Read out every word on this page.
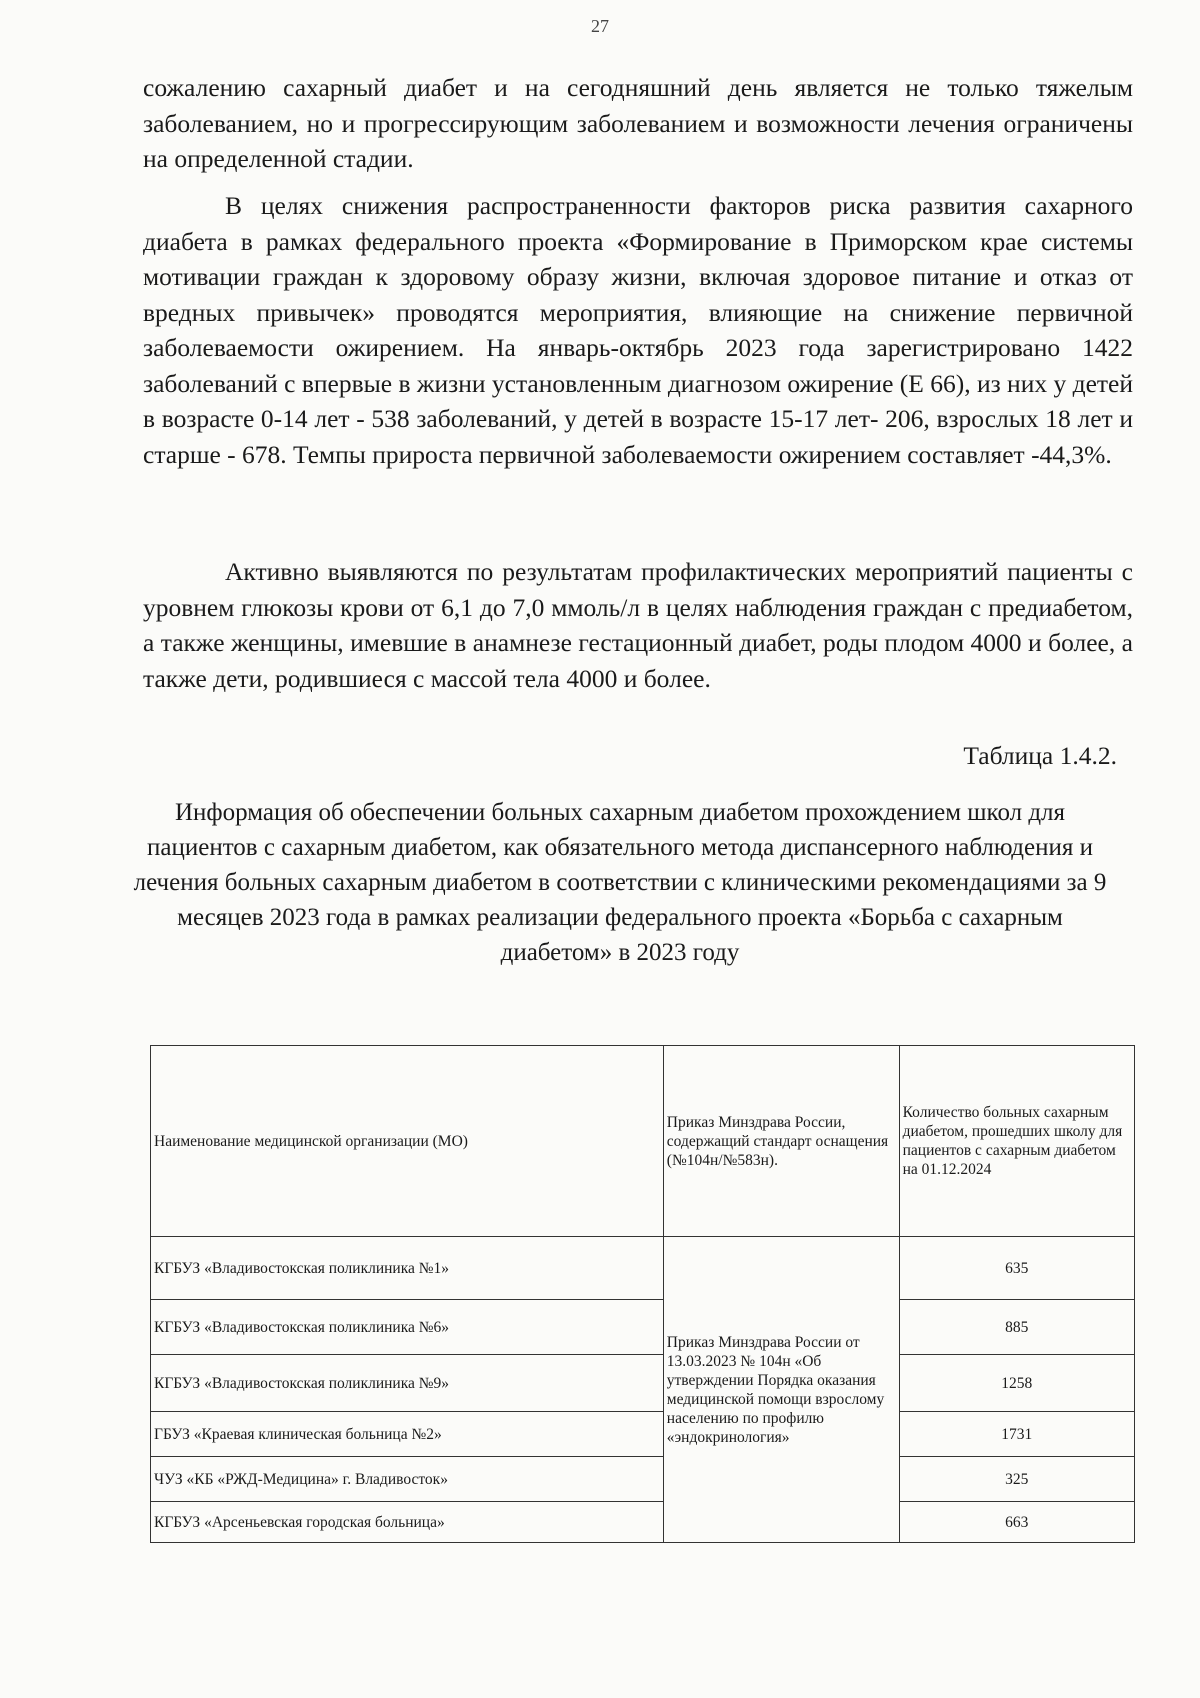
27

сожалению сахарный диабет и на сегодняшний день является не только тяжелым заболеванием, но и прогрессирующим заболеванием и возможности лечения ограничены на определенной стадии.

В целях снижения распространенности факторов риска развития сахарного диабета в рамках федерального проекта «Формирование в Приморском крае системы мотивации граждан к здоровому образу жизни, включая здоровое питание и отказ от вредных привычек» проводятся мероприятия, влияющие на снижение первичной заболеваемости ожирением. На январь-октябрь 2023 года зарегистрировано 1422 заболеваний с впервые в жизни установленным диагнозом ожирение (Е 66), из них у детей в возрасте 0-14 лет - 538 заболеваний, у детей в возрасте 15-17 лет- 206, взрослых 18 лет и старше - 678. Темпы прироста первичной заболеваемости ожирением составляет -44,3%.

Активно выявляются по результатам профилактических мероприятий пациенты с уровнем глюкозы крови от 6,1 до 7,0 ммоль/л в целях наблюдения граждан с предиабетом, а также женщины, имевшие в анамнезе гестационный диабет, роды плодом 4000 и более, а также дети, родившиеся с массой тела 4000 и более.

Таблица 1.4.2.
Информация об обеспечении больных сахарным диабетом прохождением школ для пациентов с сахарным диабетом, как обязательного метода диспансерного наблюдения и лечения больных сахарным диабетом в соответствии с клиническими рекомендациями за 9 месяцев 2023 года в рамках реализации федерального проекта «Борьба с сахарным диабетом» в 2023 году
Наименование медицинской организации (МО)	Приказ Минздрава России, содержащий стандарт оснащения (№104н/№583н).	Количество больных сахарным диабетом, прошедших школу для пациентов с сахарным диабетом на 01.12.2024
КГБУЗ «Владивостокская поликлиника №1»	Приказ Минздрава России от 13.03.2023 № 104н «Об утверждении Порядка оказания медицинской помощи взрослому населению по профилю «эндокринология»	635
КГБУЗ «Владивостокская поликлиника №6»		885
КГБУЗ «Владивостокская поликлиника №9»		1258
ГБУЗ «Краевая клиническая больница №2»		1731
ЧУЗ «КБ «РЖД-Медицина» г. Владивосток»		325
КГБУЗ «Арсеньевская городская больница»		663
